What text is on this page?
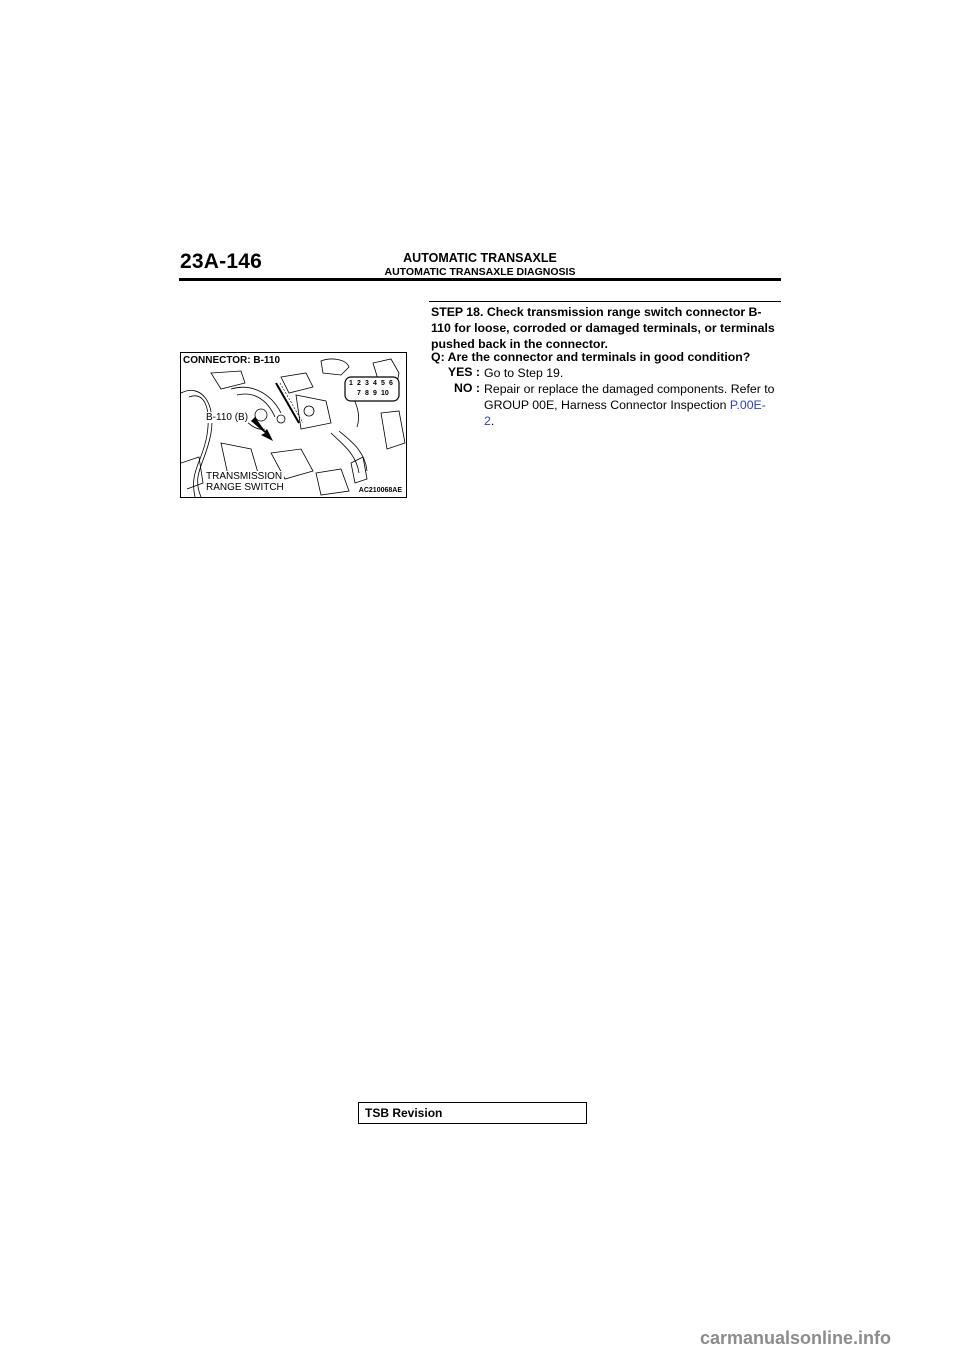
23A-146	AUTOMATIC TRANSAXLE
AUTOMATIC TRANSAXLE DIAGNOSIS
STEP 18. Check transmission range switch connector B-
110 for loose, corroded or damaged terminals, or terminals
pushed back in the connector.
Q: Are the connector and terminals in good condition?
YES : Go to Step 19.
NO : Repair or replace the damaged components. Refer to
GROUP 00E, Harness Connector Inspection P.00E-
2.
1 2 3 4 5 6
7 8 9 10
CONNECTOR: B-110
B-110 (B)
TRANSMISSION
RANGE SWITCH	AC210068AE
TSB Revision
carmanualsonline.info
